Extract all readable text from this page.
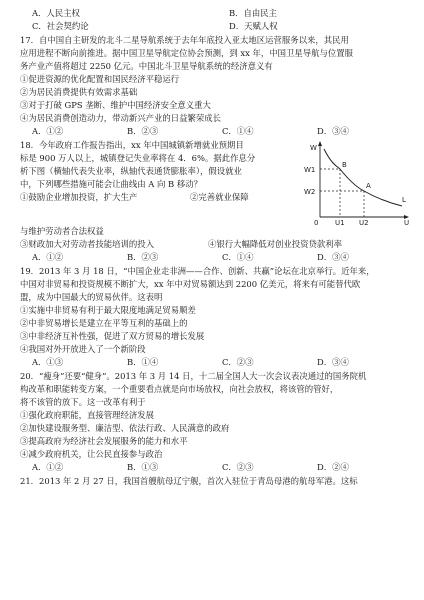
A．人民主权	B．自由民主
C．社会契约论	D．天赋人权

17．自中国自主研发的北斗二星导航系统于去年年底投入亚太地区运营服务以来，其民用

应用进程不断向前推进。据中国卫星导航定位协会预测，到 xx 年，中国卫星导航与位置服

务产业产值将超过 2250 亿元。中国北斗卫星导航系统的经济意义有

①促进资源的优化配置和国民经济平稳运行

②为居民消费提供有效需求基础

③对于打破 GPS 垄断、维护中国经济安全意义重大

④为居民消费创造动力，带动新兴产业的日益繁荣成长

A．①②	B．②③	C．①④	D．③④

18．今年政府工作报告指出，xx 年中国城镇新增就业预期目

标是 900 万人以上，城镇登记失业率将在 4．6%。据此作息分

析下图（横轴代表失业率，纵轴代表通货膨胀率），假设就业

中，下列哪些措施可能会让曲线由 A 向 B 移动？

①鼓励企业增加投资，扩大生产	②完善就业保障
W
W1
W2
0 U1 U2	U
B
A
L

与维护劳动者合法权益

③财政加大对劳动者技能培训的投入	④银行大幅降低对创业投资贷款利率
A．①②	B．②③	C．①④	D．③④

19．2013 年 3 月 18 日，“中国企业走非洲——合作、创新、共赢”论坛在北京举行。近年来，

中国对非贸易和投资规模不断扩大，xx 年中对贸易额达到 2200 亿美元，将来有可能替代欧

盟，成为中国最大的贸易伙伴。这表明

①实施中非贸易有利于最大限度地满足贸易顺差

②中非贸易增长是建立在平等互利的基础上的

③中非经济互补性强，促进了双方贸易的增长发展

④我国对外开放进入了一个新阶段

A．①③	B．①④	C．②③	D．③④

20．“瘦身”还要“健身”。2013 年 3 月 14 日，十二届全国人大一次会议表决通过的国务院机

构改革和职能转变方案，一个重要看点就是向市场放权，向社会放权，将该管的管好，

将不该管的放下。这一改革有利于

①强化政府职能，直接管理经济发展

②加快建设服务型、廉洁型、依法行政、人民满意的政府

③提高政府为经济社会发展服务的能力和水平

④减少政府机关，让公民直接参与政治

A．①②	B．①③	C．②③	D．②④

21．2013 年 2 月 27 日，我国首艘航母辽宁舰，首次入驻位于青岛母港的航母军港。这标
